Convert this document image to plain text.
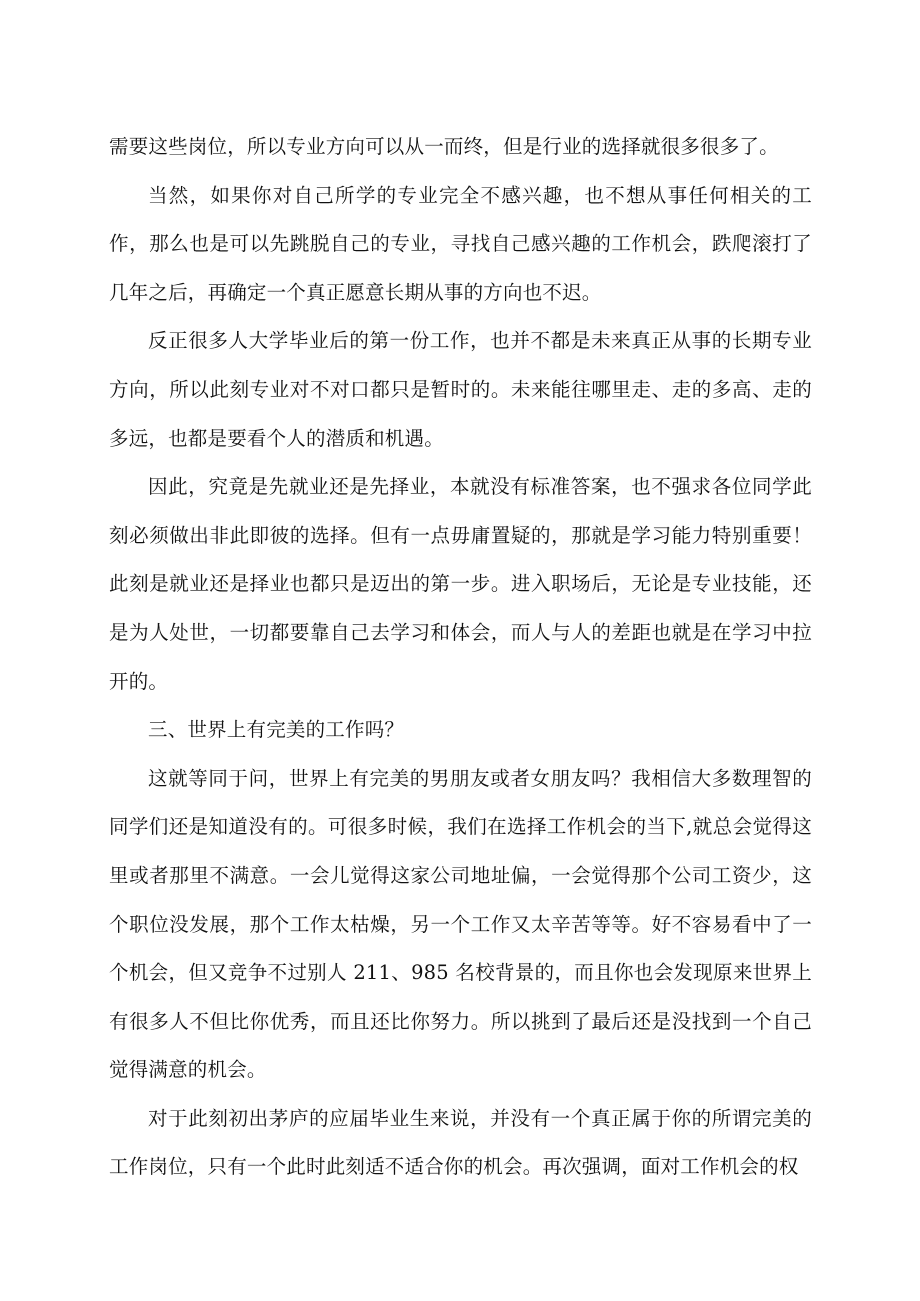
需要这些岗位，所以专业方向可以从一而终，但是行业的选择就很多很多了。

当然，如果你对自己所学的专业完全不感兴趣，也不想从事任何相关的工作，那么也是可以先跳脱自己的专业，寻找自己感兴趣的工作机会，跌爬滚打了几年之后，再确定一个真正愿意长期从事的方向也不迟。

反正很多人大学毕业后的第一份工作，也并不都是未来真正从事的长期专业方向，所以此刻专业对不对口都只是暂时的。未来能往哪里走、走的多高、走的多远，也都是要看个人的潜质和机遇。

因此，究竟是先就业还是先择业，本就没有标准答案，也不强求各位同学此刻必须做出非此即彼的选择。但有一点毋庸置疑的，那就是学习能力特别重要！此刻是就业还是择业也都只是迈出的第一步。进入职场后，无论是专业技能，还是为人处世，一切都要靠自己去学习和体会，而人与人的差距也就是在学习中拉开的。

三、世界上有完美的工作吗？

这就等同于问，世界上有完美的男朋友或者女朋友吗？我相信大多数理智的同学们还是知道没有的。可很多时候，我们在选择工作机会的当下,就总会觉得这里或者那里不满意。一会儿觉得这家公司地址偏，一会觉得那个公司工资少，这个职位没发展，那个工作太枯燥，另一个工作又太辛苦等等。好不容易看中了一个机会，但又竞争不过别人 211、985 名校背景的，而且你也会发现原来世界上有很多人不但比你优秀，而且还比你努力。所以挑到了最后还是没找到一个自己觉得满意的机会。

对于此刻初出茅庐的应届毕业生来说，并没有一个真正属于你的所谓完美的工作岗位，只有一个此时此刻适不适合你的机会。再次强调，面对工作机会的权
